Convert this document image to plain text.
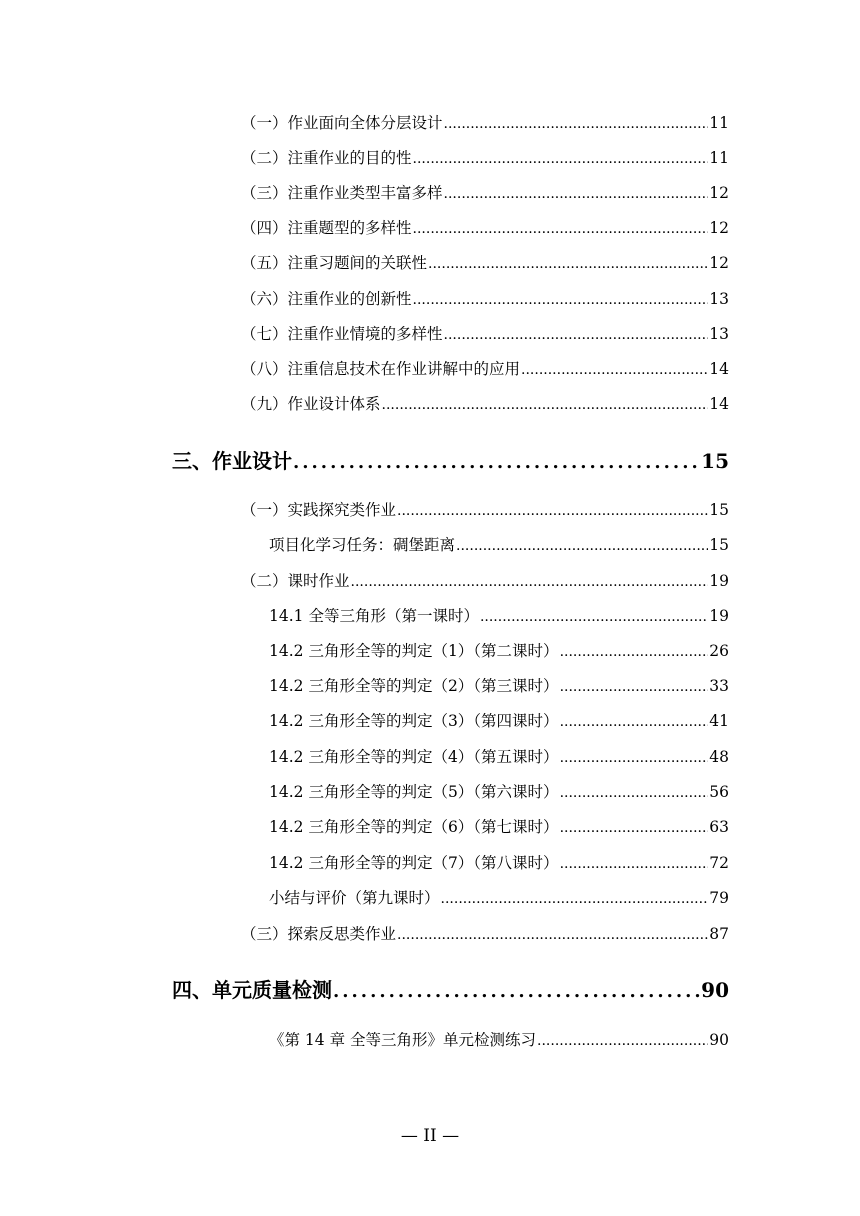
（一）作业面向全体分层设计 .....	11
（二）注重作业的目的性 .....	11
（三）注重作业类型丰富多样 .....	12
（四）注重题型的多样性 .....	12
（五）注重习题间的关联性 .....	12
（六）注重作业的创新性 .....	13
（七）注重作业情境的多样性 .....	13
（八）注重信息技术在作业讲解中的应用 .....	14
（九）作业设计体系 .....	14
三、作业设计 .....	15
（一）实践探究类作业 .....	15
项目化学习任务：碉堡距离 .....	15
（二）课时作业 .....	19
14.1 全等三角形（第一课时） .....	19
14.2 三角形全等的判定（1）（第二课时） .....	26
14.2 三角形全等的判定（2）（第三课时） .....	33
14.2 三角形全等的判定（3）（第四课时） .....	41
14.2 三角形全等的判定（4）（第五课时） .....	48
14.2 三角形全等的判定（5）（第六课时） .....	56
14.2 三角形全等的判定（6）（第七课时） .....	63
14.2 三角形全等的判定（7）（第八课时） .....	72
小结与评价（第九课时） .....	79
（三）探索反思类作业 .....	87
四、单元质量检测 .....	90
《第 14 章 全等三角形》单元检测练习 .....	90
— II —
